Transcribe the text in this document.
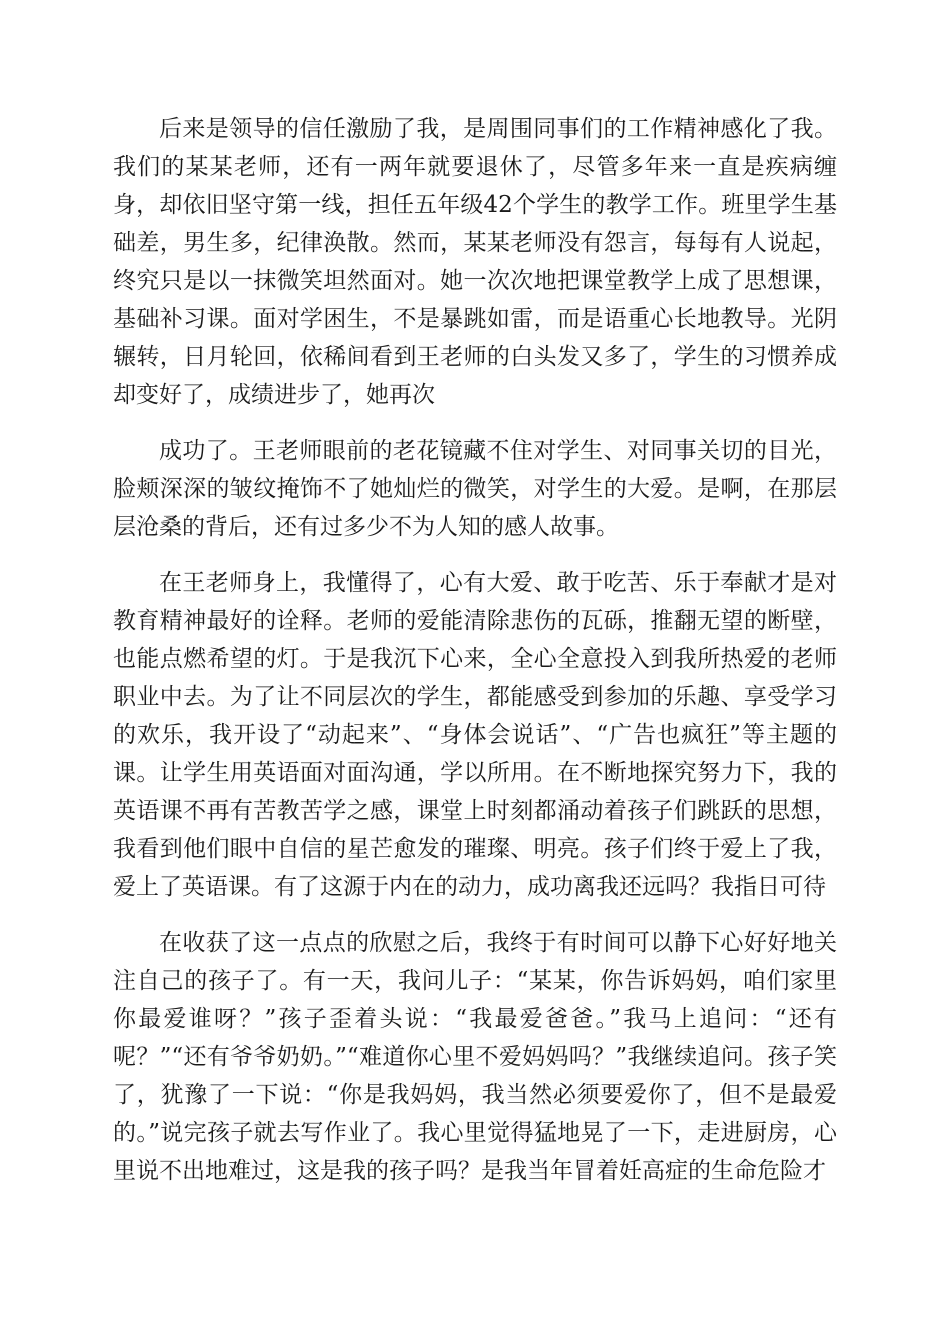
后来是领导的信任激励了我，是周围同事们的工作精神感化了我。我们的某某老师，还有一两年就要退休了，尽管多年来一直是疾病缠身，却依旧坚守第一线，担任五年级42个学生的教学工作。班里学生基础差，男生多，纪律涣散。然而，某某老师没有怨言，每每有人说起，终究只是以一抹微笑坦然面对。她一次次地把课堂教学上成了思想课，基础补习课。面对学困生，不是暴跳如雷，而是语重心长地教导。光阴辗转，日月轮回，依稀间看到王老师的白头发又多了，学生的习惯养成却变好了，成绩进步了，她再次

成功了。王老师眼前的老花镜藏不住对学生、对同事关切的目光，脸颊深深的皱纹掩饰不了她灿烂的微笑，对学生的大爱。是啊，在那层层沧桑的背后，还有过多少不为人知的感人故事。

在王老师身上，我懂得了，心有大爱、敢于吃苦、乐于奉献才是对教育精神最好的诠释。老师的爱能清除悲伤的瓦砾，推翻无望的断壁，也能点燃希望的灯。于是我沉下心来，全心全意投入到我所热爱的老师职业中去。为了让不同层次的学生，都能感受到参加的乐趣、享受学习的欢乐，我开设了“动起来”、“身体会说话”、“广告也疯狂”等主题的课。让学生用英语面对面沟通，学以所用。在不断地探究努力下，我的英语课不再有苦教苦学之感，课堂上时刻都涌动着孩子们跳跃的思想，我看到他们眼中自信的星芒愈发的璀璨、明亮。孩子们终于爱上了我，爱上了英语课。有了这源于内在的动力，成功离我还远吗？我指日可待

在收获了这一点点的欣慰之后，我终于有时间可以静下心好好地关注自己的孩子了。有一天，我问儿子：“某某，你告诉妈妈，咱们家里你最爱谁呀？”孩子歪着头说：“我最爱爸爸。”我马上追问：“还有呢？”“还有爷爷奶奶。”“难道你心里不爱妈妈吗？”我继续追问。孩子笑了，犹豫了一下说：“你是我妈妈，我当然必须要爱你了，但不是最爱的。”说完孩子就去写作业了。我心里觉得猛地晃了一下，走进厨房，心里说不出地难过，这是我的孩子吗？是我当年冒着妊高症的生命危险才
